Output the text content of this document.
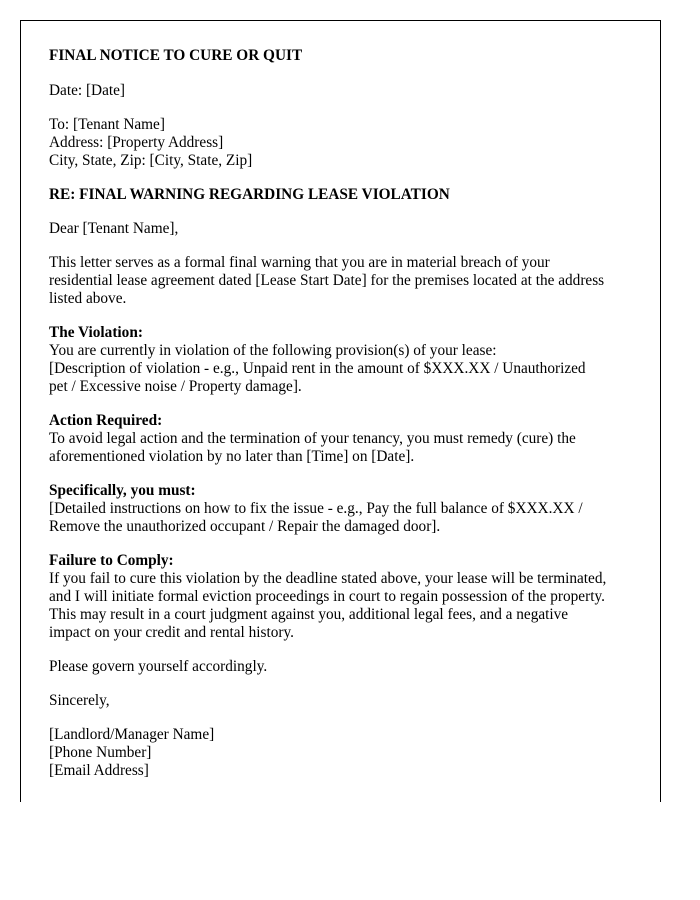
FINAL NOTICE TO CURE OR QUIT
Date: [Date]
To: [Tenant Name]
Address: [Property Address]
City, State, Zip: [City, State, Zip]
RE: FINAL WARNING REGARDING LEASE VIOLATION
Dear [Tenant Name],
This letter serves as a formal final warning that you are in material breach of your
residential lease agreement dated [Lease Start Date] for the premises located at the address
listed above.
The Violation:
You are currently in violation of the following provision(s) of your lease:
[Description of violation - e.g., Unpaid rent in the amount of $XXX.XX / Unauthorized
pet / Excessive noise / Property damage].
Action Required:
To avoid legal action and the termination of your tenancy, you must remedy (cure) the
aforementioned violation by no later than [Time] on [Date].
Specifically, you must:
[Detailed instructions on how to fix the issue - e.g., Pay the full balance of $XXX.XX /
Remove the unauthorized occupant / Repair the damaged door].
Failure to Comply:
If you fail to cure this violation by the deadline stated above, your lease will be terminated,
and I will initiate formal eviction proceedings in court to regain possession of the property.
This may result in a court judgment against you, additional legal fees, and a negative
impact on your credit and rental history.
Please govern yourself accordingly.
Sincerely,
[Landlord/Manager Name]
[Phone Number]
[Email Address]
